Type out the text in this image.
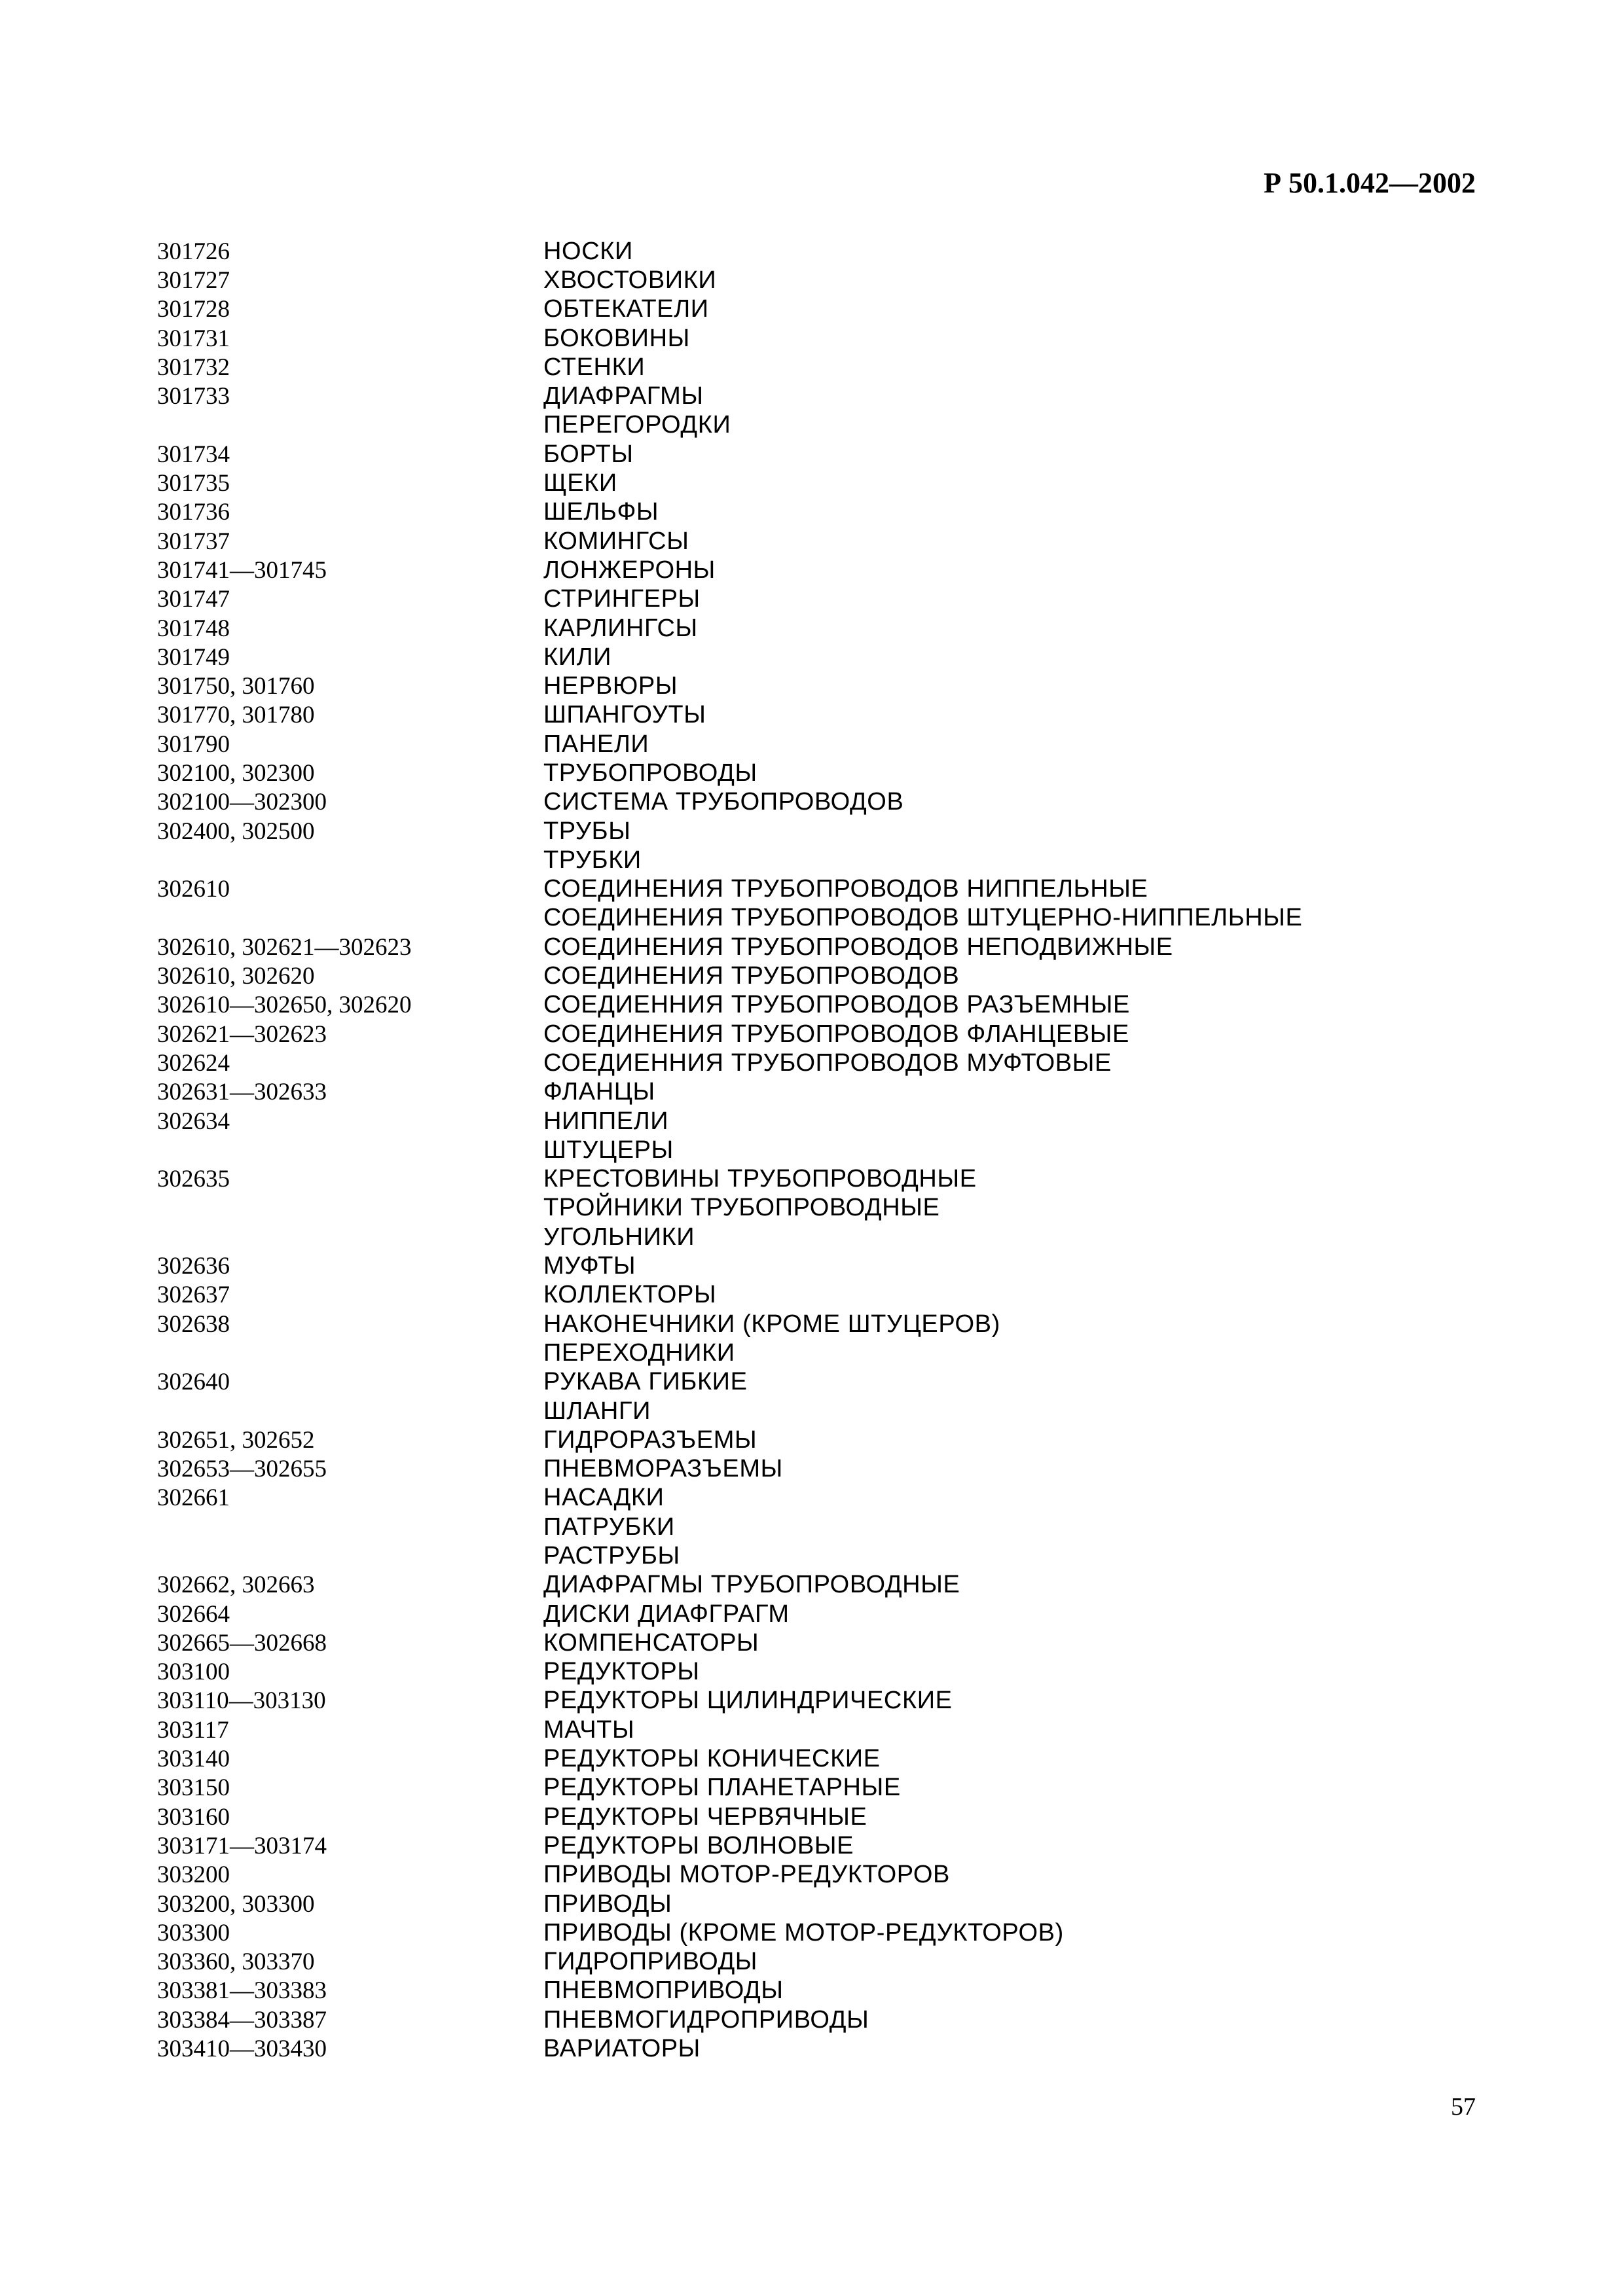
Р 50.1.042—2002
301726	НОСКИ
301727	ХВОСТОВИКИ
301728	ОБТЕКАТЕЛИ
301731	БОКОВИНЫ
301732	СТЕНКИ
301733	ДИАФРАГМЫ
ПЕРЕГОРОДКИ
301734	БОРТЫ
301735	ЩЕКИ
301736	ШЕЛЬФЫ
301737	КОМИНГСЫ
301741—301745	ЛОНЖЕРОНЫ
301747	СТРИНГЕРЫ
301748	КАРЛИНГСЫ
301749	КИЛИ
301750, 301760	НЕРВЮРЫ
301770, 301780	ШПАНГОУТЫ
301790	ПАНЕЛИ
302100, 302300	ТРУБОПРОВОДЫ
302100—302300	СИСТЕМА ТРУБОПРОВОДОВ
302400, 302500	ТРУБЫ
ТРУБКИ
302610	СОЕДИНЕНИЯ ТРУБОПРОВОДОВ НИППЕЛЬНЫЕ
СОЕДИНЕНИЯ ТРУБОПРОВОДОВ ШТУЦЕРНО-НИППЕЛЬНЫЕ
302610, 302621—302623	СОЕДИНЕНИЯ ТРУБОПРОВОДОВ НЕПОДВИЖНЫЕ
302610, 302620	СОЕДИНЕНИЯ ТРУБОПРОВОДОВ
302610—302650, 302620	СОЕДИЕННИЯ ТРУБОПРОВОДОВ РАЗЪЕМНЫЕ
302621—302623	СОЕДИНЕНИЯ ТРУБОПРОВОДОВ ФЛАНЦЕВЫЕ
302624	СОЕДИЕННИЯ ТРУБОПРОВОДОВ МУФТОВЫЕ
302631—302633	ФЛАНЦЫ
302634	НИППЕЛИ
ШТУЦЕРЫ
302635	КРЕСТОВИНЫ ТРУБОПРОВОДНЫЕ
ТРОЙНИКИ ТРУБОПРОВОДНЫЕ
УГОЛЬНИКИ
302636	МУФТЫ
302637	КОЛЛЕКТОРЫ
302638	НАКОНЕЧНИКИ (КРОМЕ ШТУЦЕРОВ)
ПЕРЕХОДНИКИ
302640	РУКАВА ГИБКИЕ
ШЛАНГИ
302651, 302652	ГИДРОРАЗЪЕМЫ
302653—302655	ПНЕВМОРАЗЪЕМЫ
302661	НАСАДКИ
ПАТРУБКИ
РАСТРУБЫ
302662, 302663	ДИАФРАГМЫ ТРУБОПРОВОДНЫЕ
302664	ДИСКИ ДИАФГРАГМ
302665—302668	КОМПЕНСАТОРЫ
303100	РЕДУКТОРЫ
303110—303130	РЕДУКТОРЫ ЦИЛИНДРИЧЕСКИЕ
303117	МАЧТЫ
303140	РЕДУКТОРЫ КОНИЧЕСКИЕ
303150	РЕДУКТОРЫ ПЛАНЕТАРНЫЕ
303160	РЕДУКТОРЫ ЧЕРВЯЧНЫЕ
303171—303174	РЕДУКТОРЫ ВОЛНОВЫЕ
303200	ПРИВОДЫ МОТОР-РЕДУКТОРОВ
303200, 303300	ПРИВОДЫ
303300	ПРИВОДЫ (КРОМЕ МОТОР-РЕДУКТОРОВ)
303360, 303370	ГИДРОПРИВОДЫ
303381—303383	ПНЕВМОПРИВОДЫ
303384—303387	ПНЕВМОГИДРОПРИВОДЫ
303410—303430	ВАРИАТОРЫ
57
